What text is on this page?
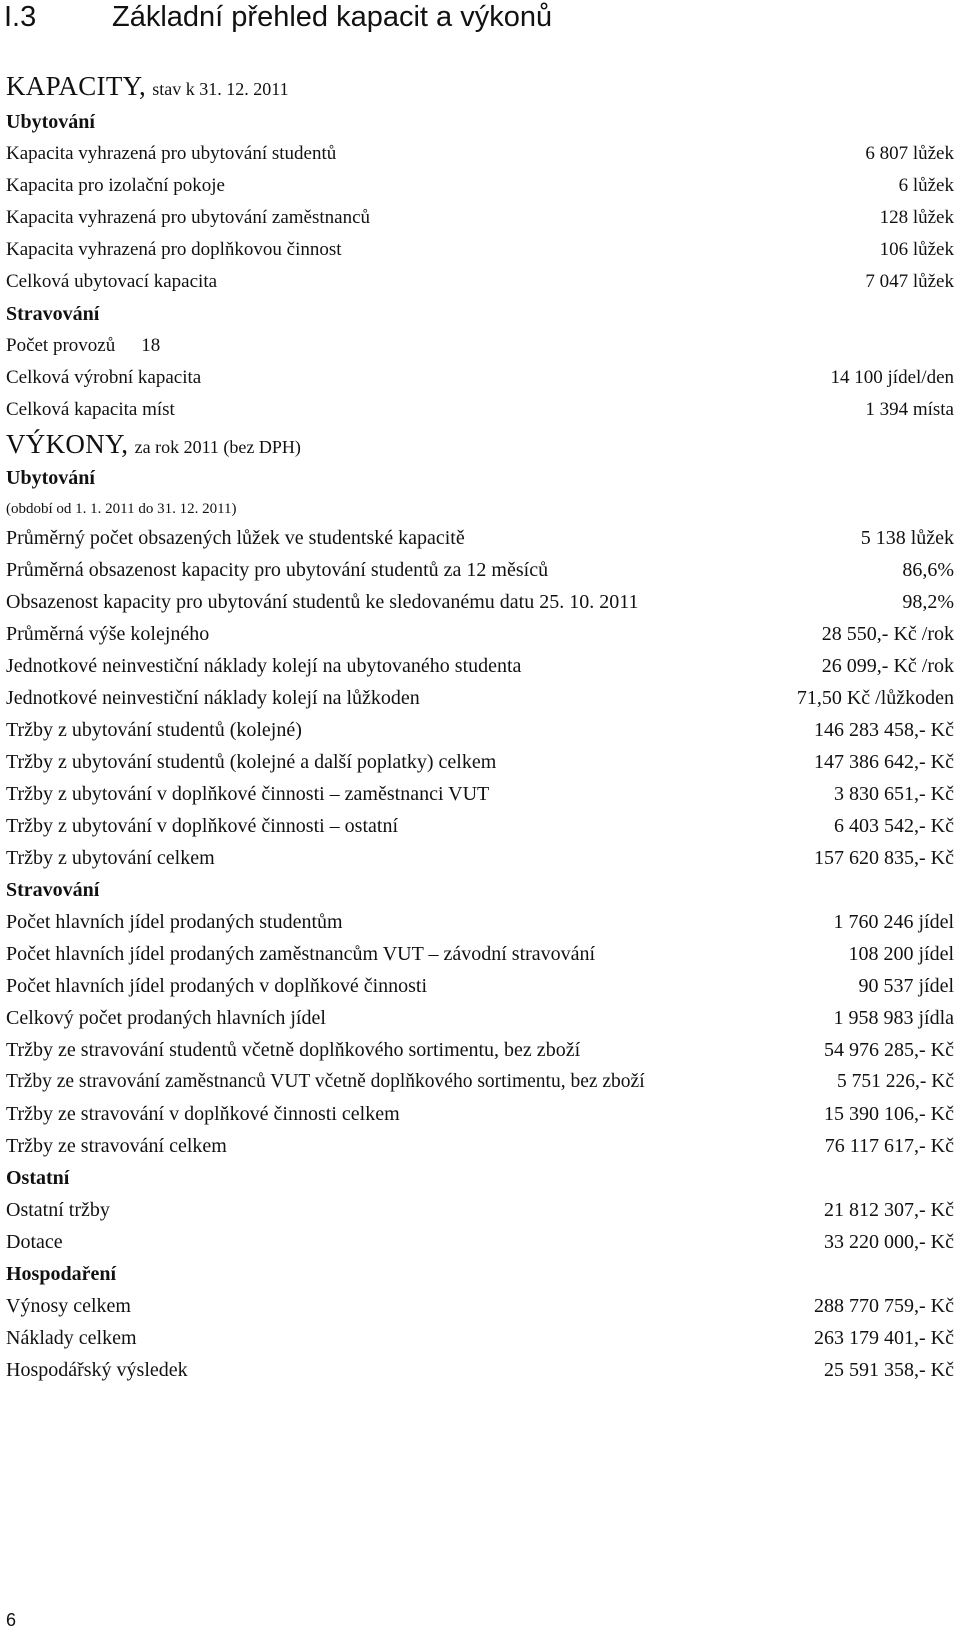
I.3	Základní přehled kapacit a výkonů
KAPACITY, stav k 31. 12. 2011
Ubytování
Kapacita vyhrazená pro ubytování studentů	6 807 lůžek
Kapacita pro izolační pokoje	6 lůžek
Kapacita vyhrazená pro ubytování zaměstnanců	128 lůžek
Kapacita vyhrazená pro doplňkovou činnost	106 lůžek
Celková ubytovací kapacita	7 047 lůžek
Stravování
Počet provozů 18
Celková výrobní kapacita	14 100 jídel/den
Celková kapacita míst	1 394 místa
VÝKONY, za rok 2011 (bez DPH)
Ubytování
(období od 1. 1. 2011 do 31. 12. 2011)
Průměrný počet obsazených lůžek ve studentské kapacitě	5 138 lůžek
Průměrná obsazenost kapacity pro ubytování studentů za 12 měsíců	86,6%
Obsazenost kapacity pro ubytování studentů ke sledovanému datu 25. 10. 2011	98,2%
Průměrná výše kolejného	28 550,- Kč /rok
Jednotkové neinvestiční náklady kolejí na ubytovaného studenta	26 099,- Kč /rok
Jednotkové neinvestiční náklady kolejí na lůžkoden	71,50 Kč /lůžkoden
Tržby z ubytování studentů (kolejné)	146 283 458,- Kč
Tržby z ubytování studentů (kolejné a další poplatky) celkem	147 386 642,- Kč
Tržby z ubytování v doplňkové činnosti – zaměstnanci VUT	3 830 651,- Kč
Tržby z ubytování v doplňkové činnosti – ostatní	6 403 542,- Kč
Tržby z ubytování celkem	157 620 835,- Kč
Stravování
Počet hlavních jídel prodaných studentům	1 760 246 jídel
Počet hlavních jídel prodaných zaměstnancům VUT – závodní stravování	108 200 jídel
Počet hlavních jídel prodaných v doplňkové činnosti	90 537 jídel
Celkový počet prodaných hlavních jídel	1 958 983 jídla
Tržby ze stravování studentů včetně doplňkového sortimentu, bez zboží	54 976 285,- Kč
Tržby ze stravování zaměstnanců VUT včetně doplňkového sortimentu, bez zboží	5 751 226,- Kč
Tržby ze stravování v doplňkové činnosti celkem	15 390 106,- Kč
Tržby ze stravování celkem	76 117 617,- Kč
Ostatní
Ostatní tržby	21 812 307,- Kč
Dotace	33 220 000,- Kč
Hospodaření
Výnosy celkem	288 770 759,- Kč
Náklady celkem	263 179 401,- Kč
Hospodářský výsledek	25 591 358,- Kč
6
